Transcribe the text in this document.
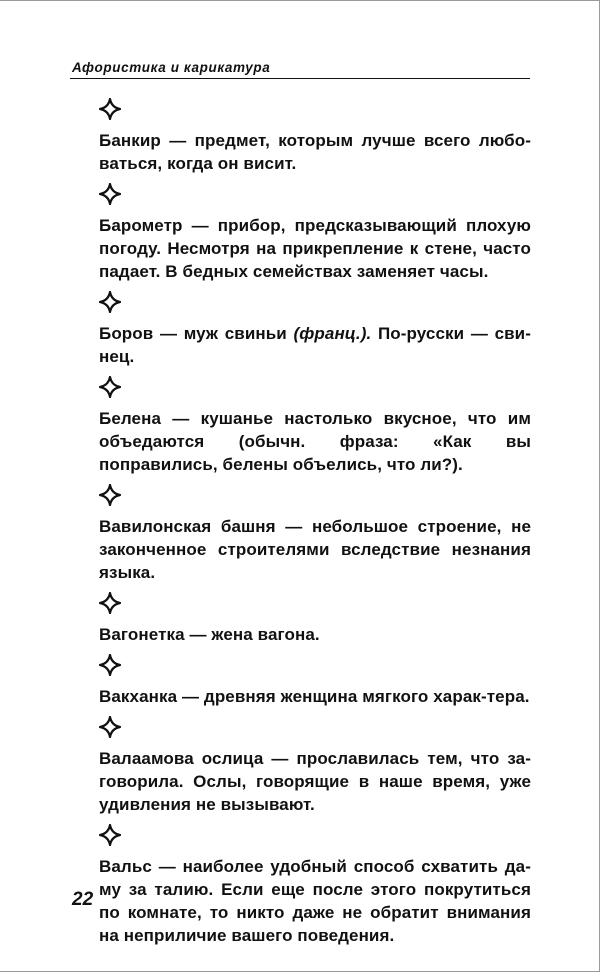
Афористика и карикатура

Банкир — предмет, которым лучше всего любо-ваться, когда он висит.

Барометр — прибор, предсказывающий плохую погоду. Несмотря на прикрепление к стене, часто падает. В бедных семействах заменяет часы.

Боров — муж свиньи (франц.). По-русски — сви-нец.

Белена — кушанье настолько вкусное, что им объедаются (обычн. фраза: «Как вы поправились, белены объелись, что ли?).

Вавилонская башня — небольшое строение, не законченное строителями вследствие незнания языка.

Вагонетка — жена вагона.

Вакханка — древняя женщина мягкого харак-тера.

Валаамова ослица — прославилась тем, что за-говорила. Ослы, говорящие в наше время, уже удивления не вызывают.

Вальс — наиболее удобный способ схватить да-му за талию. Если еще после этого покрутиться по комнате, то никто даже не обратит внимания на неприличие вашего поведения.

22
